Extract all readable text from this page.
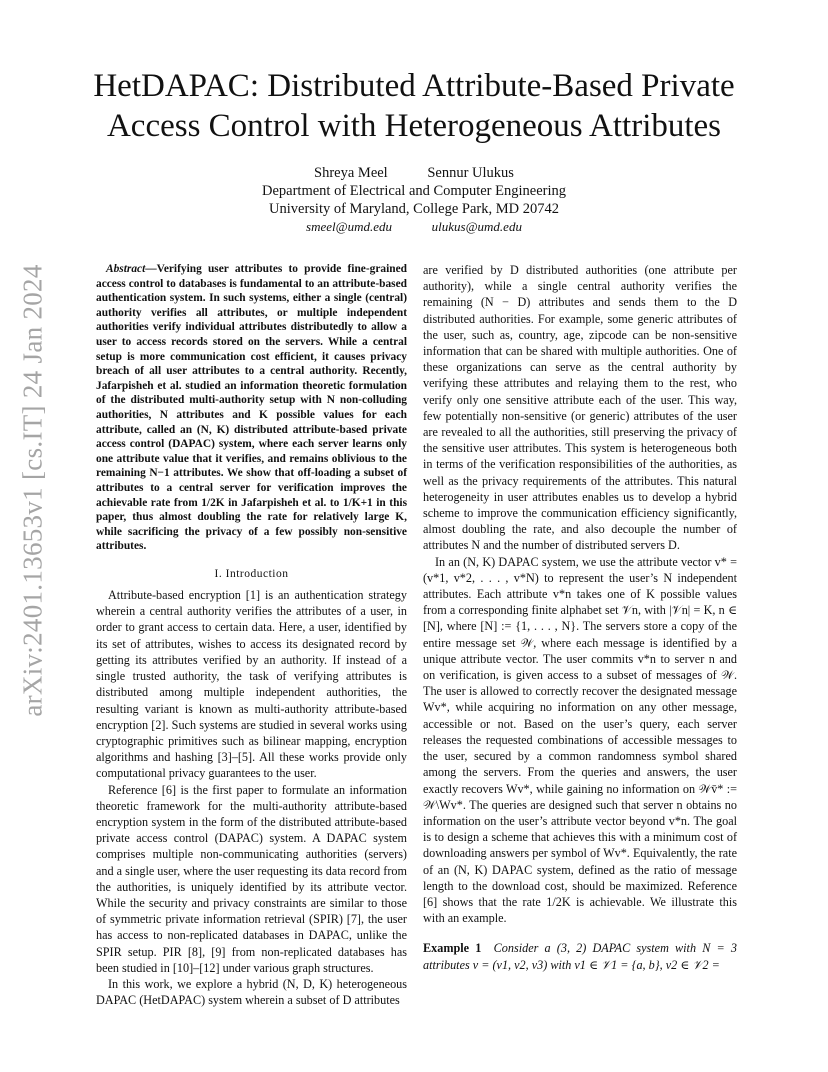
arXiv:2401.13653v1 [cs.IT] 24 Jan 2024
HetDAPAC: Distributed Attribute-Based Private Access Control with Heterogeneous Attributes
Shreya Meel	Sennur Ulukus
Department of Electrical and Computer Engineering
University of Maryland, College Park, MD 20742
smeel@umd.edu	ulukus@umd.edu

Abstract—Verifying user attributes to provide fine-grained access control to databases is fundamental to an attribute-based authentication system. In such systems, either a single (central) authority verifies all attributes, or multiple independent authorities verify individual attributes distributedly to allow a user to access records stored on the servers. While a central setup is more communication cost efficient, it causes privacy breach of all user attributes to a central authority. Recently, Jafarpisheh et al. studied an information theoretic formulation of the distributed multi-authority setup with N non-colluding authorities, N attributes and K possible values for each attribute, called an (N, K) distributed attribute-based private access control (DAPAC) system, where each server learns only one attribute value that it verifies, and remains oblivious to the remaining N−1 attributes. We show that off-loading a subset of attributes to a central server for verification improves the achievable rate from 1/2K in Jafarpisheh et al. to 1/K+1 in this paper, thus almost doubling the rate for relatively large K, while sacrificing the privacy of a few possibly non-sensitive attributes.

I. Introduction

Attribute-based encryption [1] is an authentication strategy wherein a central authority verifies the attributes of a user, in order to grant access to certain data. Here, a user, identified by its set of attributes, wishes to access its designated record by getting its attributes verified by an authority. If instead of a single trusted authority, the task of verifying attributes is distributed among multiple independent authorities, the resulting variant is known as multi-authority attribute-based encryption [2]. Such systems are studied in several works using cryptographic primitives such as bilinear mapping, encryption algorithms and hashing [3]–[5]. All these works provide only computational privacy guarantees to the user.

Reference [6] is the first paper to formulate an information theoretic framework for the multi-authority attribute-based encryption system in the form of the distributed attribute-based private access control (DAPAC) system. A DAPAC system comprises multiple non-communicating authorities (servers) and a single user, where the user requesting its data record from the authorities, is uniquely identified by its attribute vector. While the security and privacy constraints are similar to those of symmetric private information retrieval (SPIR) [7], the user has access to non-replicated databases in DAPAC, unlike the SPIR setup. PIR [8], [9] from non-replicated databases has been studied in [10]–[12] under various graph structures.

In this work, we explore a hybrid (N, D, K) heterogeneous DAPAC (HetDAPAC) system wherein a subset of D attributes

are verified by D distributed authorities (one attribute per authority), while a single central authority verifies the remaining (N − D) attributes and sends them to the D distributed authorities. For example, some generic attributes of the user, such as, country, age, zipcode can be non-sensitive information that can be shared with multiple authorities. One of these organizations can serve as the central authority by verifying these attributes and relaying them to the rest, who verify only one sensitive attribute each of the user. This way, few potentially non-sensitive (or generic) attributes of the user are revealed to all the authorities, still preserving the privacy of the sensitive user attributes. This system is heterogeneous both in terms of the verification responsibilities of the authorities, as well as the privacy requirements of the attributes. This natural heterogeneity in user attributes enables us to develop a hybrid scheme to improve the communication efficiency significantly, almost doubling the rate, and also decouple the number of attributes N and the number of distributed servers D.

In an (N, K) DAPAC system, we use the attribute vector v* = (v*1, v*2, . . . , v*N) to represent the user’s N independent attributes. Each attribute v*n takes one of K possible values from a corresponding finite alphabet set 𝒱n, with |𝒱n| = K, n ∈ [N], where [N] := {1, . . . , N}. The servers store a copy of the entire message set 𝒲, where each message is identified by a unique attribute vector. The user commits v*n to server n and on verification, is given access to a subset of messages of 𝒲. The user is allowed to correctly recover the designated message Wv*, while acquiring no information on any other message, accessible or not. Based on the user’s query, each server releases the requested combinations of accessible messages to the user, secured by a common randomness symbol shared among the servers. From the queries and answers, the user exactly recovers Wv*, while gaining no information on 𝒲v̄* := 𝒲\Wv*. The queries are designed such that server n obtains no information on the user’s attribute vector beyond v*n. The goal is to design a scheme that achieves this with a minimum cost of downloading answers per symbol of Wv*. Equivalently, the rate of an (N, K) DAPAC system, defined as the ratio of message length to the download cost, should be maximized. Reference [6] shows that the rate 1/2K is achievable. We illustrate this with an example.

Example 1 Consider a (3, 2) DAPAC system with N = 3 attributes v = (v1, v2, v3) with v1 ∈ 𝒱1 = {a, b}, v2 ∈ 𝒱2 =
